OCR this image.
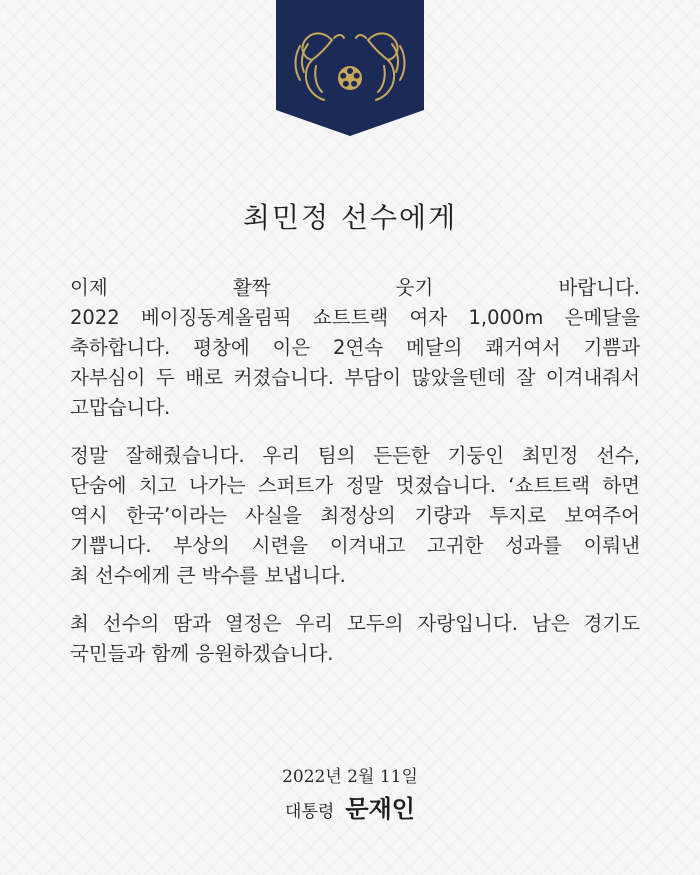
최민정 선수에게

이제 활짝 웃기 바랍니다.
2022 베이징동계올림픽 쇼트트랙 여자 1,000m 은메달을
축하합니다. 평창에 이은 2연속 메달의 쾌거여서 기쁨과
자부심이 두 배로 커졌습니다. 부담이 많았을텐데 잘 이겨내줘서
고맙습니다.

정말 잘해줬습니다. 우리 팀의 든든한 기둥인 최민정 선수,
단숨에 치고 나가는 스퍼트가 정말 멋졌습니다. ‘쇼트트랙 하면
역시 한국’이라는 사실을 최정상의 기량과 투지로 보여주어
기쁩니다. 부상의 시련을 이겨내고 고귀한 성과를 이뤄낸
최 선수에게 큰 박수를 보냅니다.

최 선수의 땀과 열정은 우리 모두의 자랑입니다. 남은 경기도
국민들과 함께 응원하겠습니다.

2022년 2월 11일
대통령 문재인
